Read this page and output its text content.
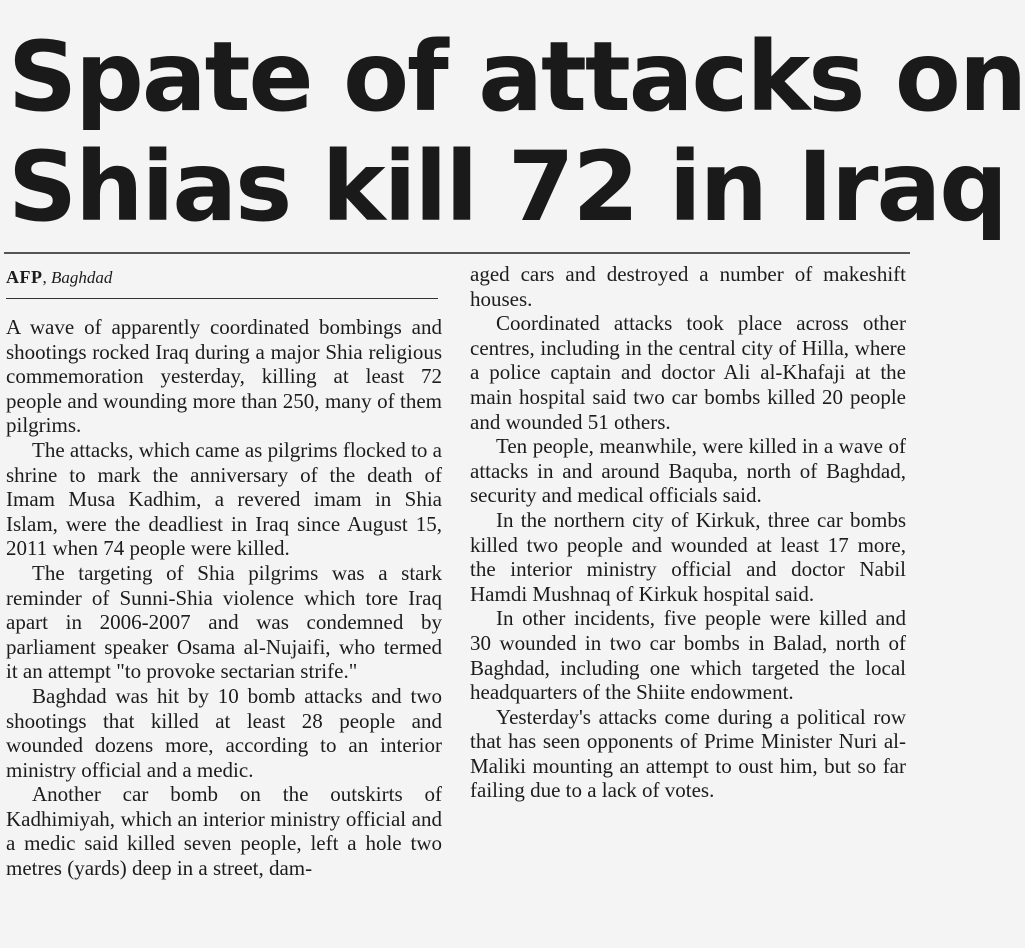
Spate of attacks on
Shias kill 72 in Iraq
AFP, Baghdad

A wave of apparently coordinated bombings and shootings rocked Iraq during a major Shia religious commemoration yesterday, killing at least 72 people and wounding more than 250, many of them pilgrims.

The attacks, which came as pilgrims flocked to a shrine to mark the anniversary of the death of Imam Musa Kadhim, a revered imam in Shia Islam, were the deadliest in Iraq since August 15, 2011 when 74 people were killed.

The targeting of Shia pilgrims was a stark reminder of Sunni-Shia violence which tore Iraq apart in 2006-2007 and was condemned by parliament speaker Osama al-Nujaifi, who termed it an attempt "to provoke sectarian strife."

Baghdad was hit by 10 bomb attacks and two shootings that killed at least 28 people and wounded dozens more, according to an interior ministry official and a medic.

Another car bomb on the outskirts of Kadhimiyah, which an interior ministry official and a medic said killed seven people, left a hole two metres (yards) deep in a street, dam-

aged cars and destroyed a number of makeshift houses.

Coordinated attacks took place across other centres, including in the central city of Hilla, where a police captain and doctor Ali al-Khafaji at the main hospital said two car bombs killed 20 people and wounded 51 others.

Ten people, meanwhile, were killed in a wave of attacks in and around Baquba, north of Baghdad, security and medical officials said.

In the northern city of Kirkuk, three car bombs killed two people and wounded at least 17 more, the interior ministry official and doctor Nabil Hamdi Mushnaq of Kirkuk hospital said.

In other incidents, five people were killed and 30 wounded in two car bombs in Balad, north of Baghdad, including one which targeted the local headquarters of the Shiite endowment.

Yesterday's attacks come during a political row that has seen opponents of Prime Minister Nuri al-Maliki mounting an attempt to oust him, but so far failing due to a lack of votes.
